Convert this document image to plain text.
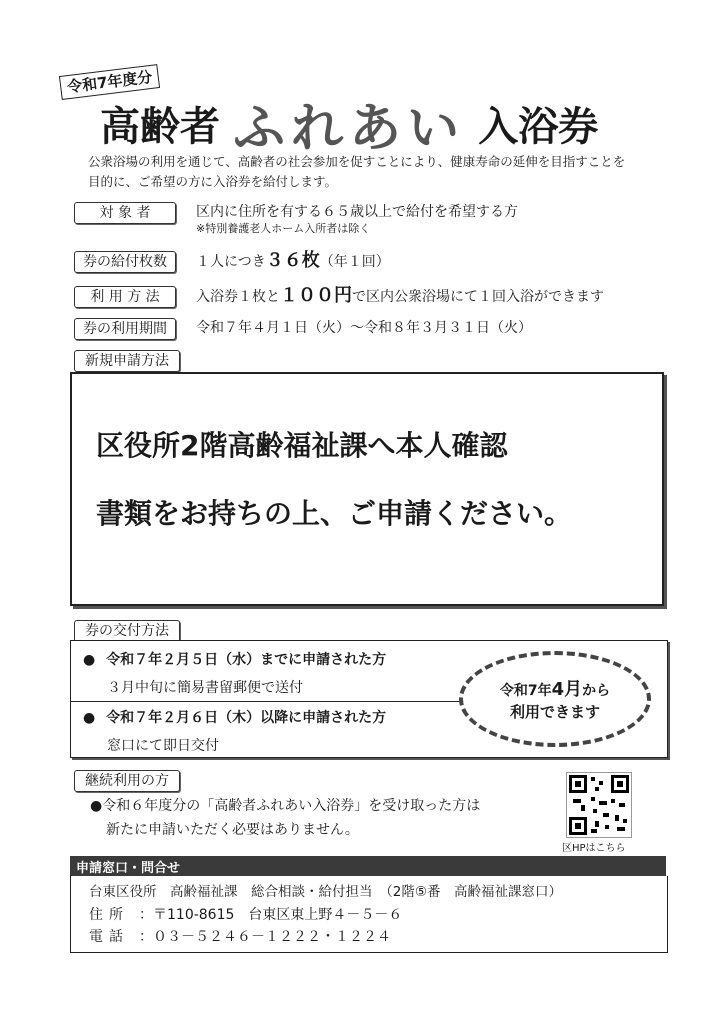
令和7年度分
高齢者 ふれあい 入浴券
公衆浴場の利用を通じて、高齢者の社会参加を促すことにより、健康寿命の延伸を目指すことを
目的に、ご希望の方に入浴券を給付します。
対 象 者	区内に住所を有する６５歳以上で給付を希望する方
※特別養護老人ホーム入所者は除く
券の給付枚数	１人につき３６枚（年１回）
利 用 方 法	入浴券１枚と１００円で区内公衆浴場にて１回入浴ができます
券の利用期間	令和７年４月１日（火）～令和８年３月３１日（火）
新規申請方法
区役所2階高齢福祉課へ本人確認
書類をお持ちの上、ご申請ください。
券の交付方法
● 令和７年２月５日（水）までに申請された方
３月中旬に簡易書留郵便で送付
● 令和７年２月６日（木）以降に申請された方
窓口にて即日交付
令和7年4月から
利用できます
継続利用の方
●令和６年度分の「高齢者ふれあい入浴券」を受け取った方は
新たに申請いただく必要はありません。
区HPはこちら
申請窓口・問合せ
台東区役所　高齢福祉課　総合相談・給付担当　（2階⑤番　高齢福祉課窓口）
住所 ：〒110-8615　台東区東上野４－５－６
電話 ：０３－５２４６－１２２２・１２２４
